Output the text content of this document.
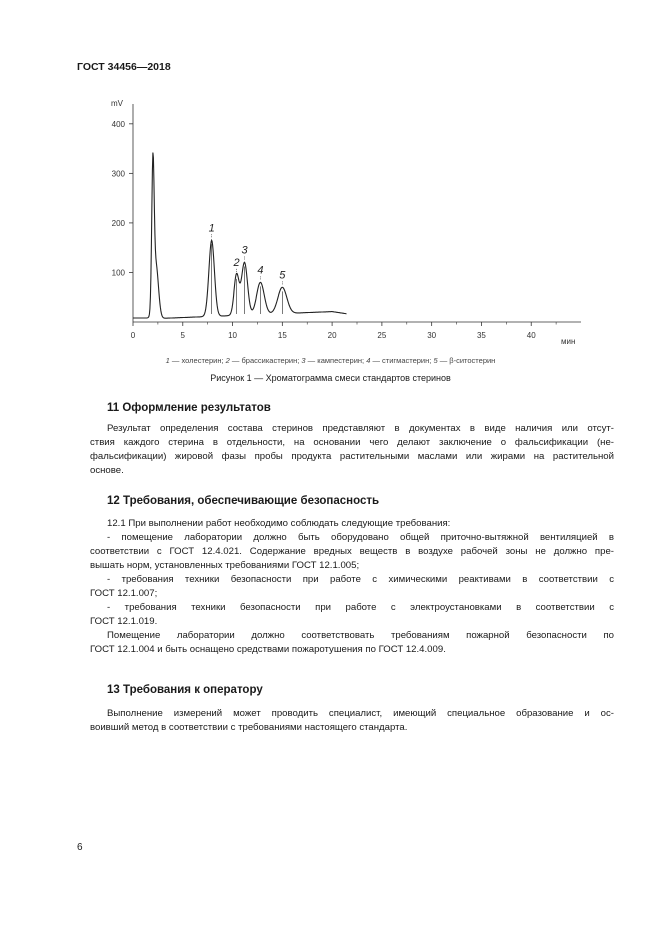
ГОСТ 34456—2018
mV
мин
100
200
300
400
0	5	10	15	20	25	30	35	40
1
2
3
4 5
1 — холестерин; 2 — брассикастерин; 3 — кампестерин; 4 — стигмастерин; 5 — β-ситостерин
Рисунок 1 — Хроматограмма смеси стандартов стеринов
11 Оформление результатов
Результат определения состава стеринов представляют в документах в виде наличия или отсут-
ствия каждого стерина в отдельности, на основании чего делают заключение о фальсификации (не-
фальсификации) жировой фазы пробы продукта растительными маслами или жирами на растительной
основе.
12 Требования, обеспечивающие безопасность
12.1 При выполнении работ необходимо соблюдать следующие требования:
- помещение лаборатории должно быть оборудовано общей приточно-вытяжной вентиляцией в
соответствии с ГОСТ 12.4.021. Содержание вредных веществ в воздухе рабочей зоны не должно пре-
вышать норм, установленных требованиями ГОСТ 12.1.005;
- требования техники безопасности при работе с химическими реактивами в соответствии с
ГОСТ 12.1.007;
- требования техники безопасности при работе с электроустановками в соответствии с
ГОСТ 12.1.019.
Помещение лаборатории должно соответствовать требованиям пожарной безопасности по
ГОСТ 12.1.004 и быть оснащено средствами пожаротушения по ГОСТ 12.4.009.
13 Требования к оператору
Выполнение измерений может проводить специалист, имеющий специальное образование и ос-
воивший метод в соответствии с требованиями настоящего стандарта.
6
